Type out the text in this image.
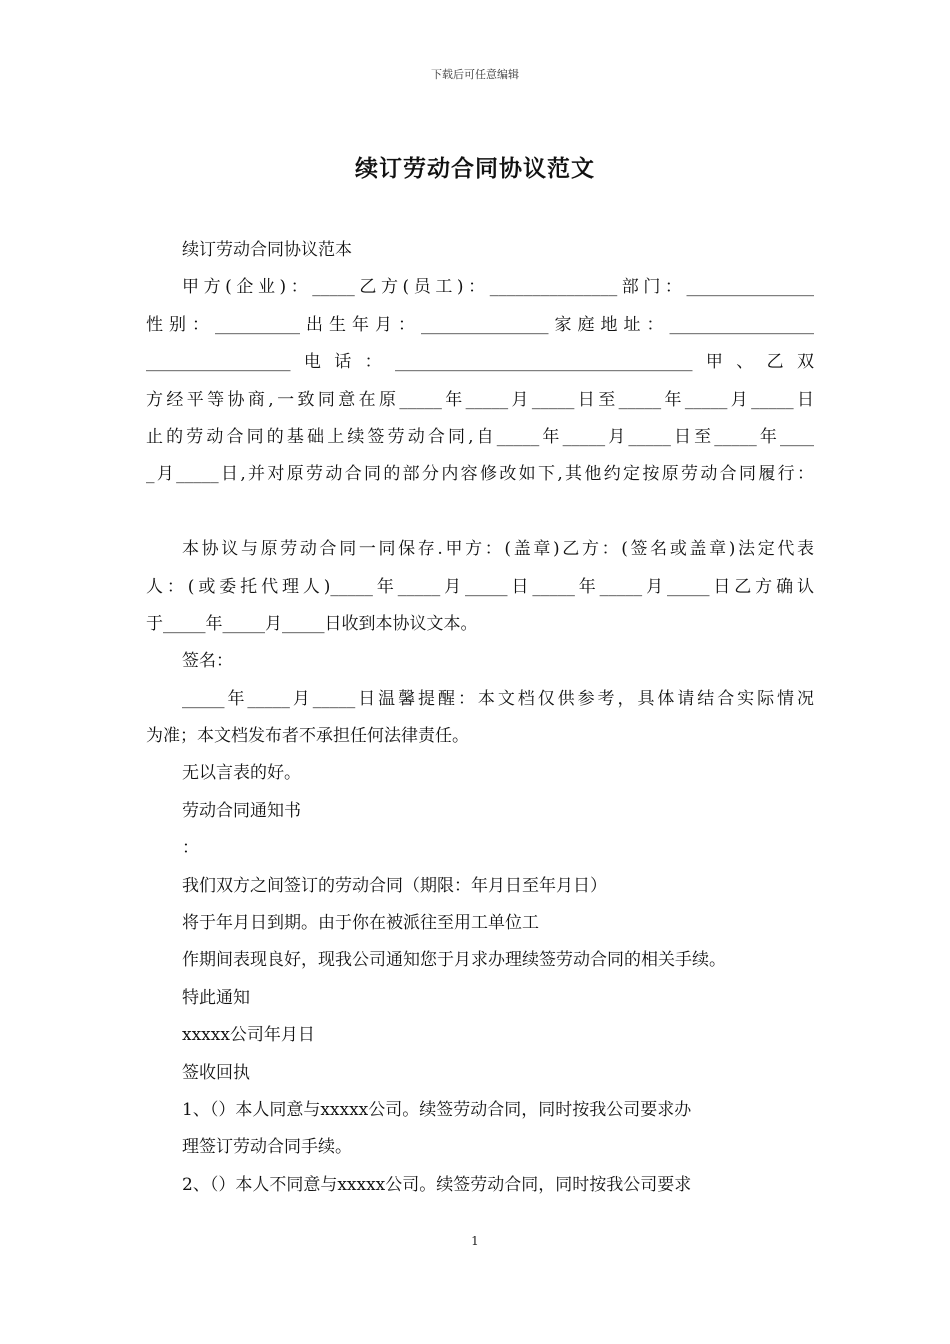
下载后可任意编辑
续订劳动合同协议范文
续订劳动合同协议范本
甲方(企业)：_____乙方(员工)：_______________部门：_______________
性别：__________出生年月：_______________家庭地址：_________________
_________________电话：___________________________________甲、乙双
方经平等协商,一致同意在原_____年_____月_____日至_____年_____月_____日
止的劳动合同的基础上续签劳动合同,自_____年_____月_____日至_____年____
_月_____日,并对原劳动合同的部分内容修改如下,其他约定按原劳动合同履行：
本协议与原劳动合同一同保存.甲方：(盖章)乙方：(签名或盖章)法定代表
人：(或委托代理人)_____年_____月_____日_____年_____月_____日乙方确认
于_____年_____月_____日收到本协议文本。
签名：
_____年_____月_____日温馨提醒：本文档仅供参考，具体请结合实际情况
为准；本文档发布者不承担任何法律责任。
无以言表的好。
劳动合同通知书
：
我们双方之间签订的劳动合同（期限：年月日至年月日）
将于年月日到期。由于你在被派往至用工单位工
作期间表现良好，现我公司通知您于月求办理续签劳动合同的相关手续。
特此通知
xxxxx公司年月日
签收回执
1、（）本人同意与xxxxx公司。续签劳动合同，同时按我公司要求办
理签订劳动合同手续。
2、（）本人不同意与xxxxx公司。续签劳动合同，同时按我公司要求
1
